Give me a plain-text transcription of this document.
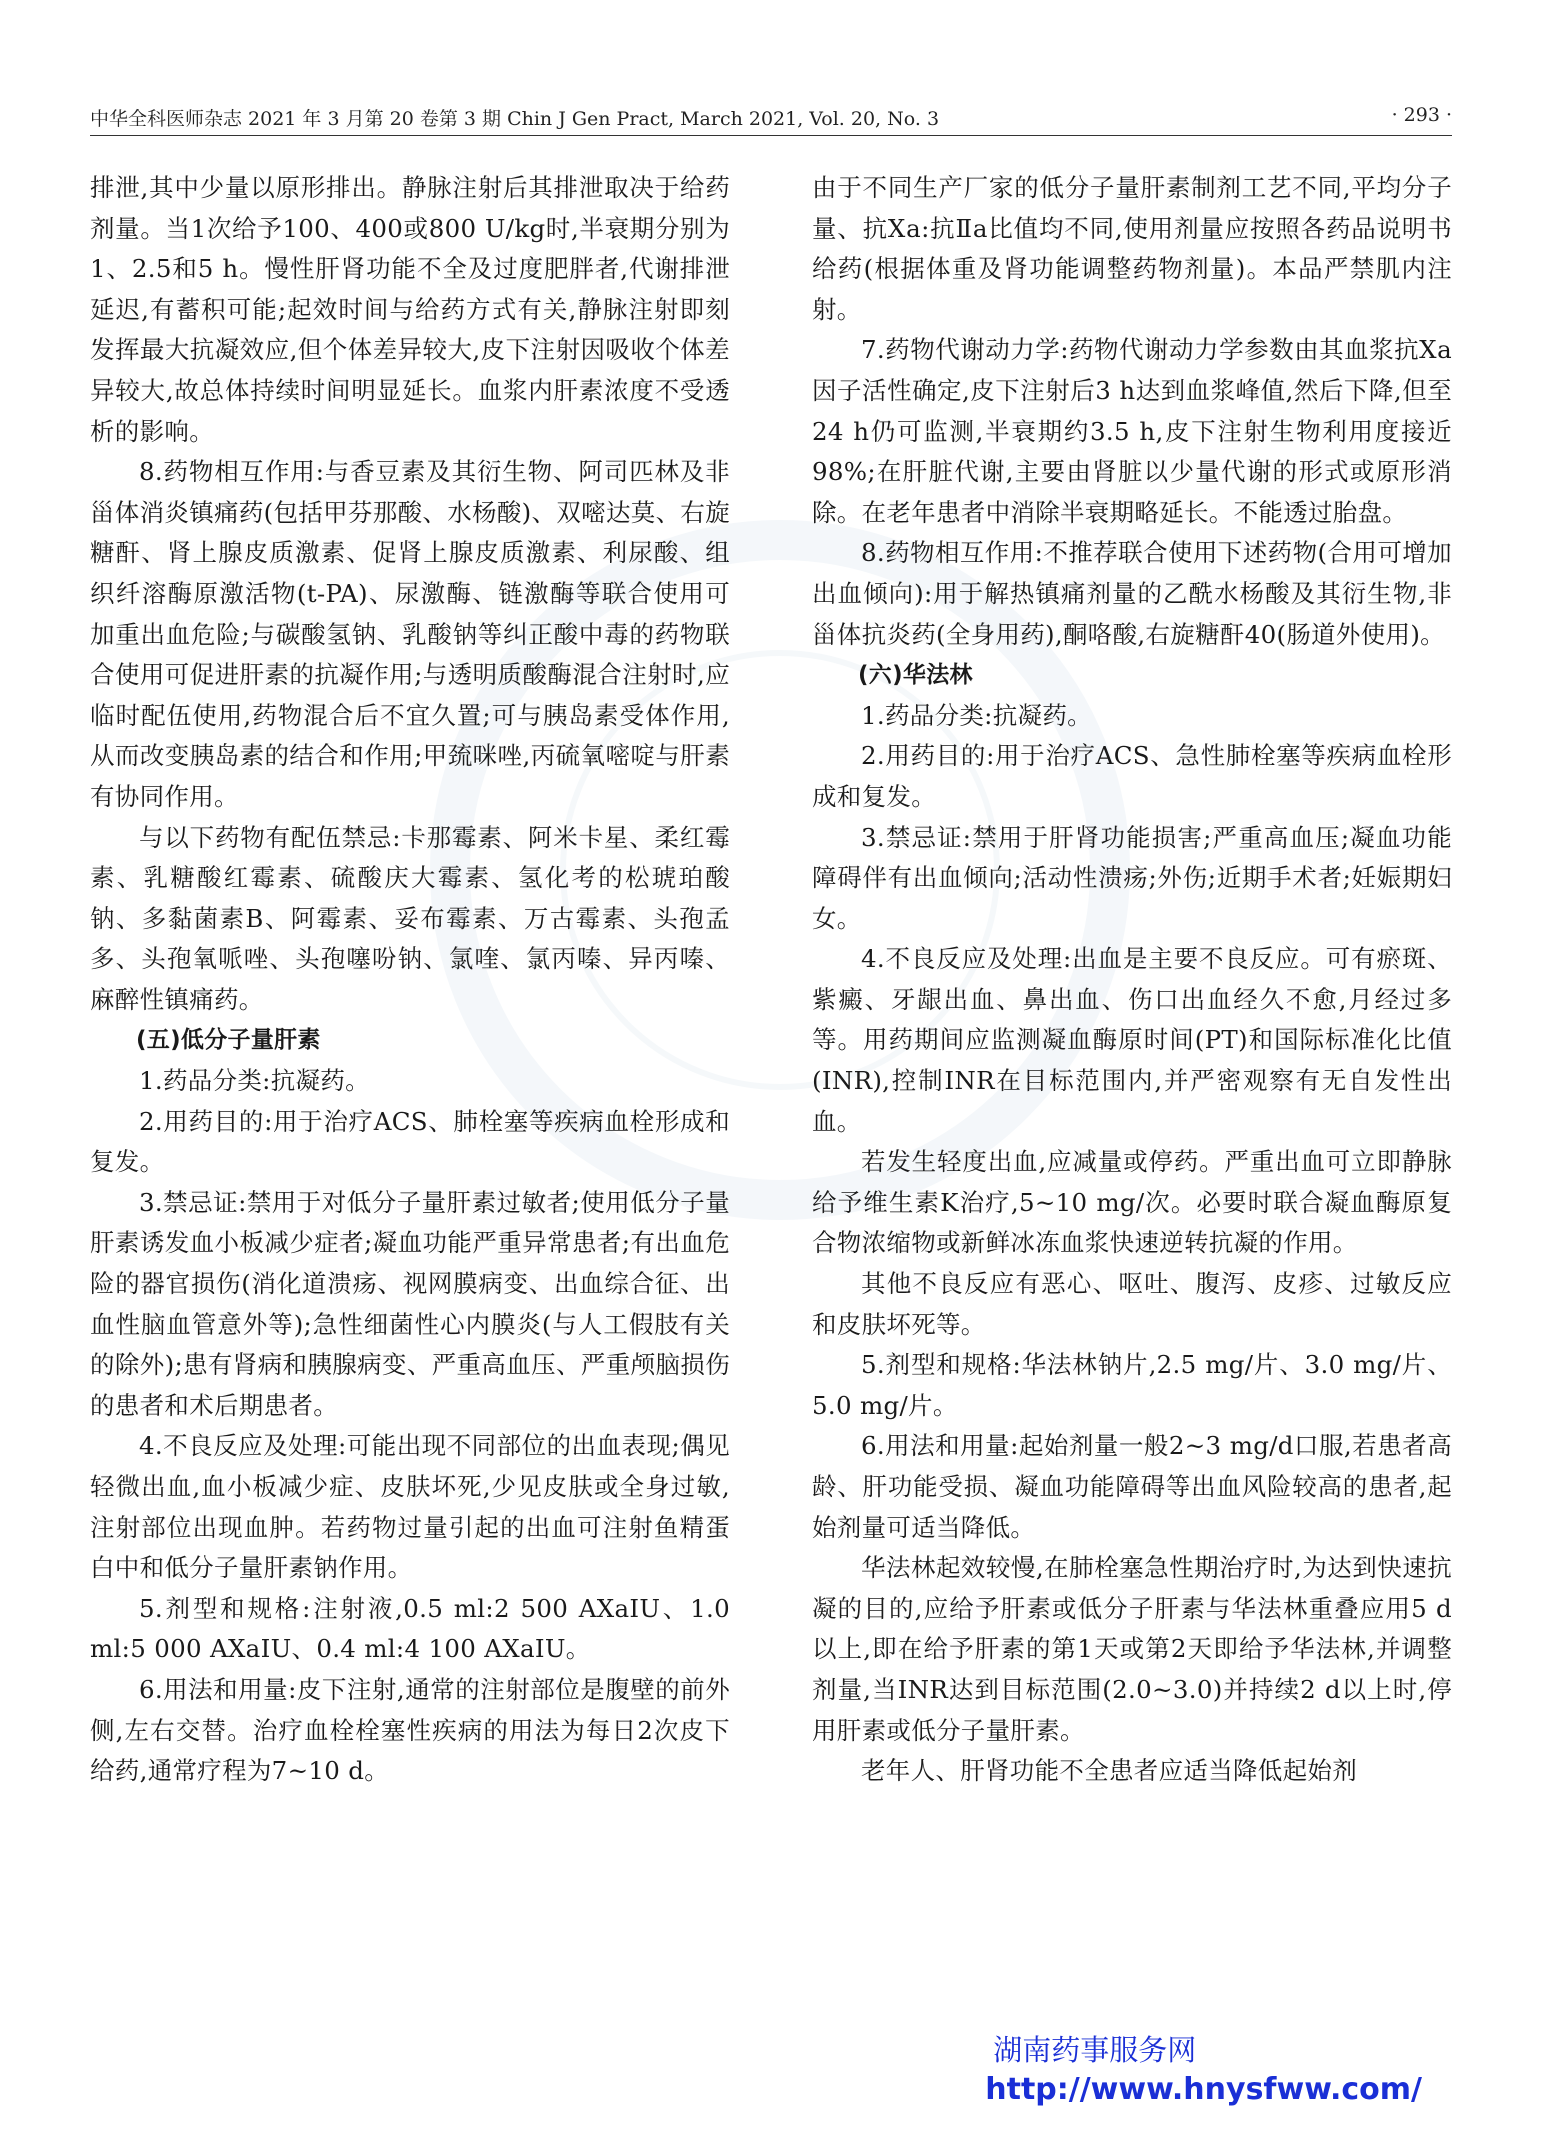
中华全科医师杂志 2021 年 3 月第 20 卷第 3 期 Chin J Gen Pract, March 2021, Vol. 20, No. 3	· 293 ·

排泄,其中少量以原形排出。静脉注射后其排泄取决于给药剂量。当1次给予100、400或800 U/kg时,半衰期分别为1、2.5和5 h。慢性肝肾功能不全及过度肥胖者,代谢排泄延迟,有蓄积可能;起效时间与给药方式有关,静脉注射即刻发挥最大抗凝效应,但个体差异较大,皮下注射因吸收个体差异较大,故总体持续时间明显延长。血浆内肝素浓度不受透析的影响。

8.药物相互作用:与香豆素及其衍生物、阿司匹林及非甾体消炎镇痛药(包括甲芬那酸、水杨酸)、双嘧达莫、右旋糖酐、肾上腺皮质激素、促肾上腺皮质激素、利尿酸、组织纤溶酶原激活物(t-PA)、尿激酶、链激酶等联合使用可加重出血危险;与碳酸氢钠、乳酸钠等纠正酸中毒的药物联合使用可促进肝素的抗凝作用;与透明质酸酶混合注射时,应临时配伍使用,药物混合后不宜久置;可与胰岛素受体作用,从而改变胰岛素的结合和作用;甲巯咪唑,丙硫氧嘧啶与肝素有协同作用。

与以下药物有配伍禁忌:卡那霉素、阿米卡星、柔红霉素、乳糖酸红霉素、硫酸庆大霉素、氢化考的松琥珀酸钠、多黏菌素B、阿霉素、妥布霉素、万古霉素、头孢孟多、头孢氧哌唑、头孢噻吩钠、氯喹、氯丙嗪、异丙嗪、麻醉性镇痛药。

(五)低分子量肝素

1.药品分类:抗凝药。

2.用药目的:用于治疗ACS、肺栓塞等疾病血栓形成和复发。

3.禁忌证:禁用于对低分子量肝素过敏者;使用低分子量肝素诱发血小板减少症者;凝血功能严重异常患者;有出血危险的器官损伤(消化道溃疡、视网膜病变、出血综合征、出血性脑血管意外等);急性细菌性心内膜炎(与人工假肢有关的除外);患有肾病和胰腺病变、严重高血压、严重颅脑损伤的患者和术后期患者。

4.不良反应及处理:可能出现不同部位的出血表现;偶见轻微出血,血小板减少症、皮肤坏死,少见皮肤或全身过敏,注射部位出现血肿。若药物过量引起的出血可注射鱼精蛋白中和低分子量肝素钠作用。

5.剂型和规格:注射液,0.5 ml:2 500 AXaIU、1.0 ml:5 000 AXaIU、0.4 ml:4 100 AXaIU。

6.用法和用量:皮下注射,通常的注射部位是腹壁的前外侧,左右交替。治疗血栓栓塞性疾病的用法为每日2次皮下给药,通常疗程为7~10 d。

由于不同生产厂家的低分子量肝素制剂工艺不同,平均分子量、抗Ⅹa:抗Ⅱa比值均不同,使用剂量应按照各药品说明书给药(根据体重及肾功能调整药物剂量)。本品严禁肌内注射。

7.药物代谢动力学:药物代谢动力学参数由其血浆抗Ⅹa因子活性确定,皮下注射后3 h达到血浆峰值,然后下降,但至24 h仍可监测,半衰期约3.5 h,皮下注射生物利用度接近98%;在肝脏代谢,主要由肾脏以少量代谢的形式或原形消除。在老年患者中消除半衰期略延长。不能透过胎盘。

8.药物相互作用:不推荐联合使用下述药物(合用可增加出血倾向):用于解热镇痛剂量的乙酰水杨酸及其衍生物,非甾体抗炎药(全身用药),酮咯酸,右旋糖酐40(肠道外使用)。

(六)华法林

1.药品分类:抗凝药。

2.用药目的:用于治疗ACS、急性肺栓塞等疾病血栓形成和复发。

3.禁忌证:禁用于肝肾功能损害;严重高血压;凝血功能障碍伴有出血倾向;活动性溃疡;外伤;近期手术者;妊娠期妇女。

4.不良反应及处理:出血是主要不良反应。可有瘀斑、紫癜、牙龈出血、鼻出血、伤口出血经久不愈,月经过多等。用药期间应监测凝血酶原时间(PT)和国际标准化比值(INR),控制INR在目标范围内,并严密观察有无自发性出血。

若发生轻度出血,应减量或停药。严重出血可立即静脉给予维生素K治疗,5~10 mg/次。必要时联合凝血酶原复合物浓缩物或新鲜冰冻血浆快速逆转抗凝的作用。

其他不良反应有恶心、呕吐、腹泻、皮疹、过敏反应和皮肤坏死等。

5.剂型和规格:华法林钠片,2.5 mg/片、3.0 mg/片、5.0 mg/片。

6.用法和用量:起始剂量一般2~3 mg/d口服,若患者高龄、肝功能受损、凝血功能障碍等出血风险较高的患者,起始剂量可适当降低。

华法林起效较慢,在肺栓塞急性期治疗时,为达到快速抗凝的目的,应给予肝素或低分子肝素与华法林重叠应用5 d以上,即在给予肝素的第1天或第2天即给予华法林,并调整剂量,当INR达到目标范围(2.0~3.0)并持续2 d以上时,停用肝素或低分子量肝素。

老年人、肝肾功能不全患者应适当降低起始剂

湖南药事服务网
http://www.hnysfww.com/
